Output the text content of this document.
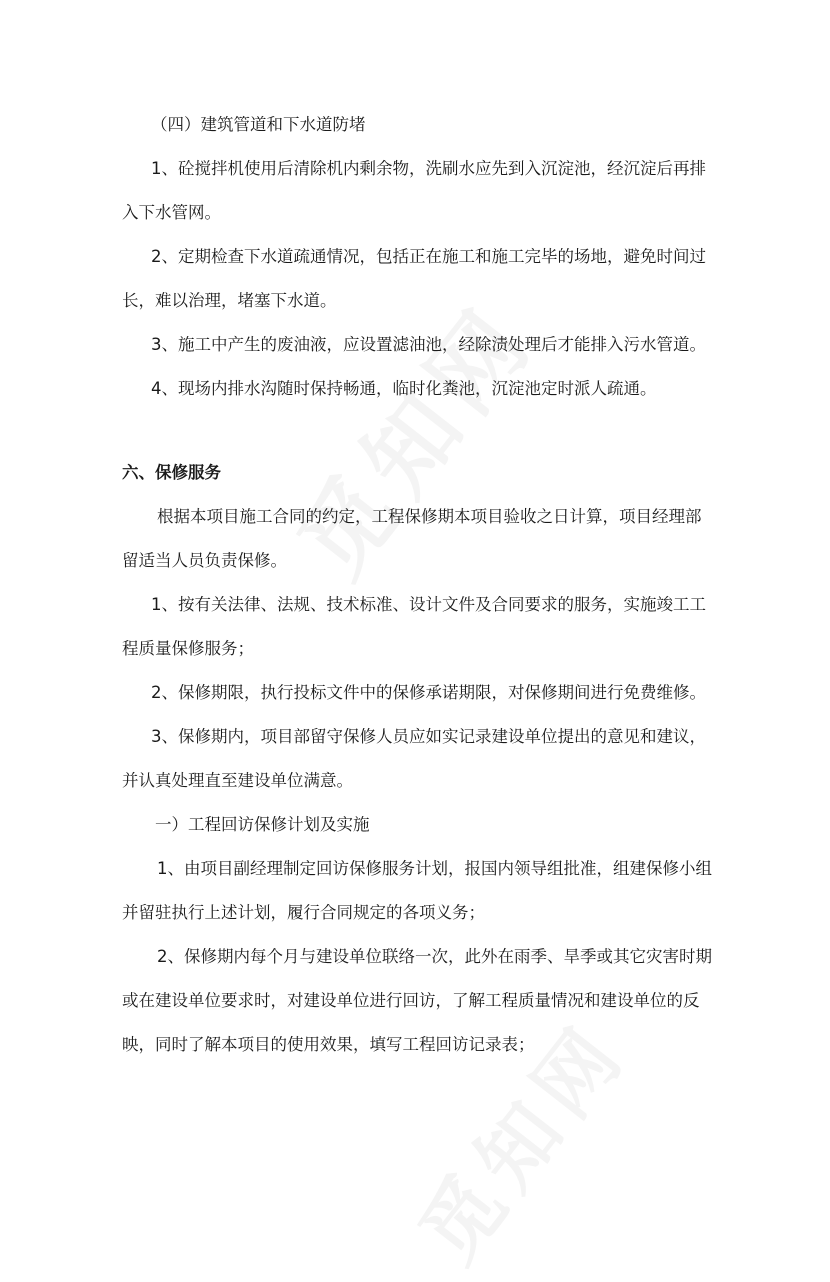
（四）建筑管道和下水道防堵

1、砼搅拌机使用后清除机内剩余物，洗刷水应先到入沉淀池，经沉淀后再排入下水管网。

2、定期检查下水道疏通情况，包括正在施工和施工完毕的场地，避免时间过长，难以治理，堵塞下水道。

3、施工中产生的废油液，应设置滤油池，经除渍处理后才能排入污水管道。

4、现场内排水沟随时保持畅通，临时化粪池，沉淀池定时派人疏通。

六、保修服务

根据本项目施工合同的约定，工程保修期本项目验收之日计算，项目经理部留适当人员负责保修。

1、按有关法律、法规、技术标准、设计文件及合同要求的服务，实施竣工工程质量保修服务；

2、保修期限，执行投标文件中的保修承诺期限，对保修期间进行免费维修。

3、保修期内，项目部留守保修人员应如实记录建设单位提出的意见和建议，并认真处理直至建设单位满意。

一）工程回访保修计划及实施

1、由项目副经理制定回访保修服务计划，报国内领导组批准，组建保修小组并留驻执行上述计划，履行合同规定的各项义务；

2、保修期内每个月与建设单位联络一次，此外在雨季、旱季或其它灾害时期或在建设单位要求时，对建设单位进行回访，了解工程质量情况和建设单位的反映，同时了解本项目的使用效果，填写工程回访记录表；
